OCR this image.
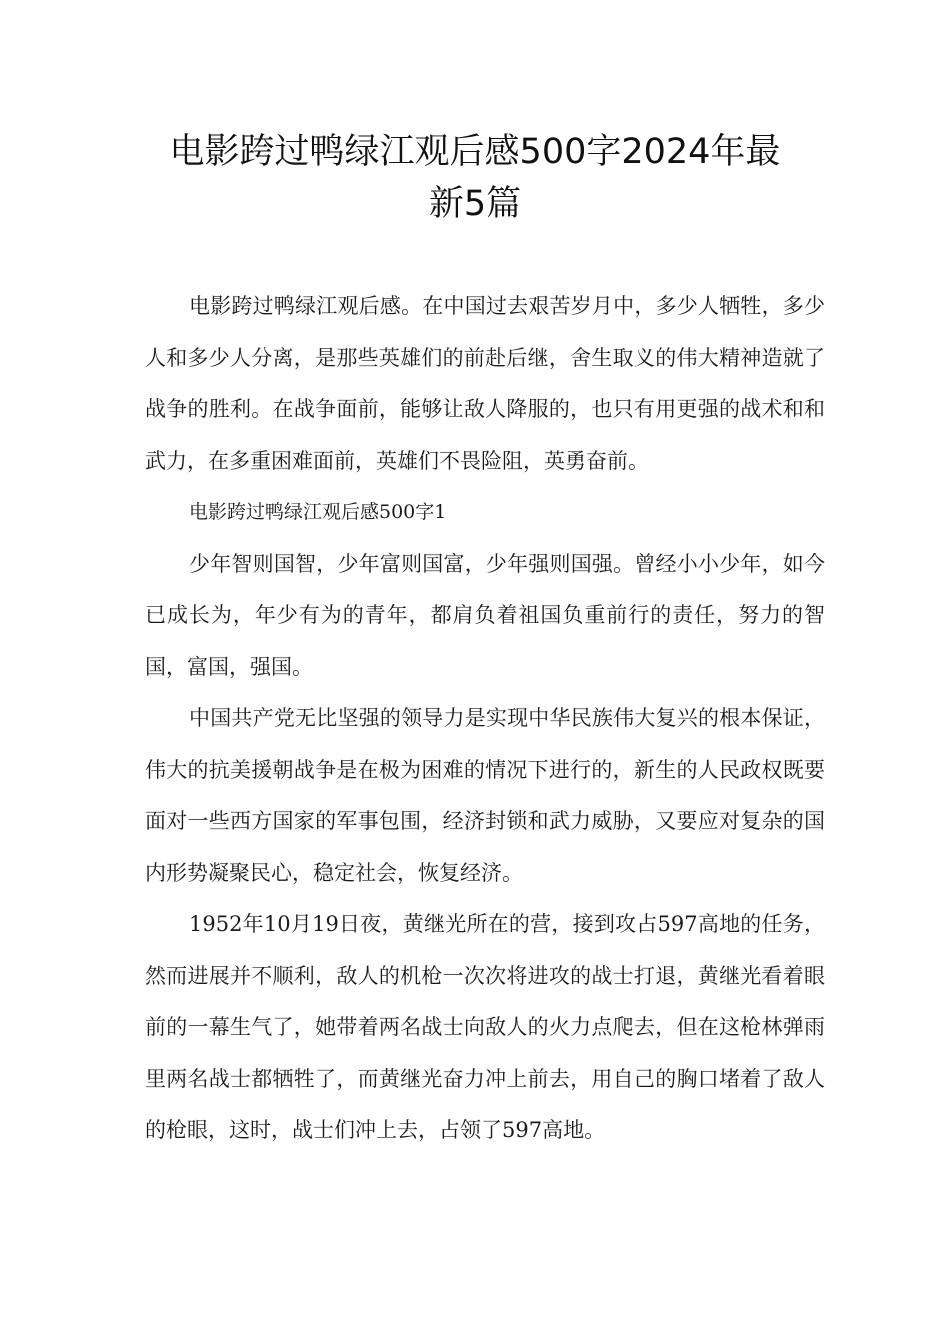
电影跨过鸭绿江观后感500字2024年最
新5篇

电影跨过鸭绿江观后感。在中国过去艰苦岁月中，多少人牺牲，多少人和多少人分离，是那些英雄们的前赴后继，舍生取义的伟大精神造就了战争的胜利。在战争面前，能够让敌人降服的，也只有用更强的战术和和武力，在多重困难面前，英雄们不畏险阻，英勇奋前。

电影跨过鸭绿江观后感500字1

少年智则国智，少年富则国富，少年强则国强。曾经小小少年，如今已成长为，年少有为的青年，都肩负着祖国负重前行的责任，努力的智国，富国，强国。

中国共产党无比坚强的领导力是实现中华民族伟大复兴的根本保证，伟大的抗美援朝战争是在极为困难的情况下进行的，新生的人民政权既要面对一些西方国家的军事包围，经济封锁和武力威胁，又要应对复杂的国内形势凝聚民心，稳定社会，恢复经济。

1952年10月19日夜，黄继光所在的营，接到攻占597高地的任务，然而进展并不顺利，敌人的机枪一次次将进攻的战士打退，黄继光看着眼前的一幕生气了，她带着两名战士向敌人的火力点爬去，但在这枪林弹雨里两名战士都牺牲了，而黄继光奋力冲上前去，用自己的胸口堵着了敌人的枪眼，这时，战士们冲上去，占领了597高地。
